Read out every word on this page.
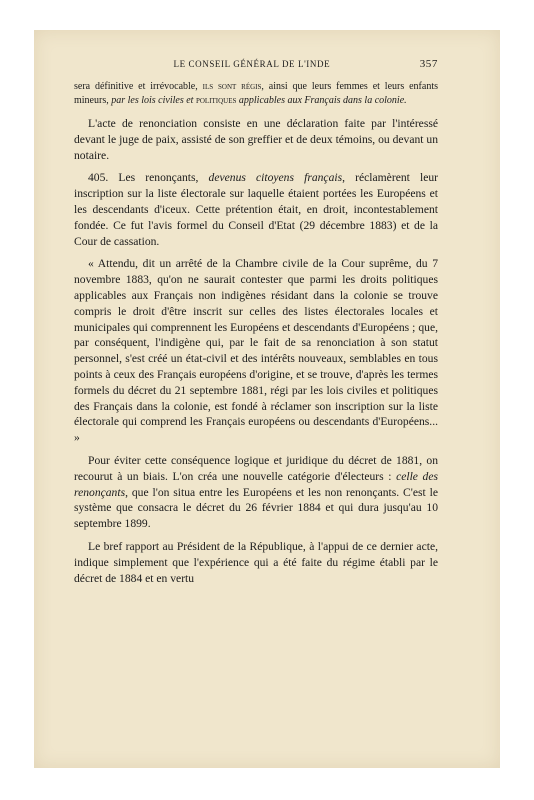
LE CONSEIL GÉNÉRAL DE L'INDE	357

sera définitive et irrévocable, ils sont régis, ainsi que leurs femmes et leurs enfants mineurs, par les lois civiles et politiques applicables aux Français dans la colonie.

L'acte de renonciation consiste en une déclaration faite par l'intéressé devant le juge de paix, assisté de son greffier et de deux témoins, ou devant un notaire.

405. Les renonçants, devenus citoyens français, réclamèrent leur inscription sur la liste électorale sur laquelle étaient portées les Européens et les descendants d'iceux. Cette prétention était, en droit, incontestablement fondée. Ce fut l'avis formel du Conseil d'Etat (29 décembre 1883) et de la Cour de cassation.

« Attendu, dit un arrêté de la Chambre civile de la Cour suprême, du 7 novembre 1883, qu'on ne saurait contester que parmi les droits politiques applicables aux Français non indigènes résidant dans la colonie se trouve compris le droit d'être inscrit sur celles des listes électorales locales et municipales qui comprennent les Européens et descendants d'Européens ; que, par conséquent, l'indigène qui, par le fait de sa renonciation à son statut personnel, s'est créé un état-civil et des intérêts nouveaux, semblables en tous points à ceux des Français européens d'origine, et se trouve, d'après les termes formels du décret du 21 septembre 1881, régi par les lois civiles et politiques des Français dans la colonie, est fondé à réclamer son inscription sur la liste électorale qui comprend les Français européens ou descendants d'Européens... »

Pour éviter cette conséquence logique et juridique du décret de 1881, on recourut à un biais. L'on créa une nouvelle catégorie d'électeurs : celle des renonçants, que l'on situa entre les Européens et les non renonçants. C'est le système que consacra le décret du 26 février 1884 et qui dura jusqu'au 10 septembre 1899.

Le bref rapport au Président de la République, à l'appui de ce dernier acte, indique simplement que l'expérience qui a été faite du régime établi par le décret de 1884 et en vertu
